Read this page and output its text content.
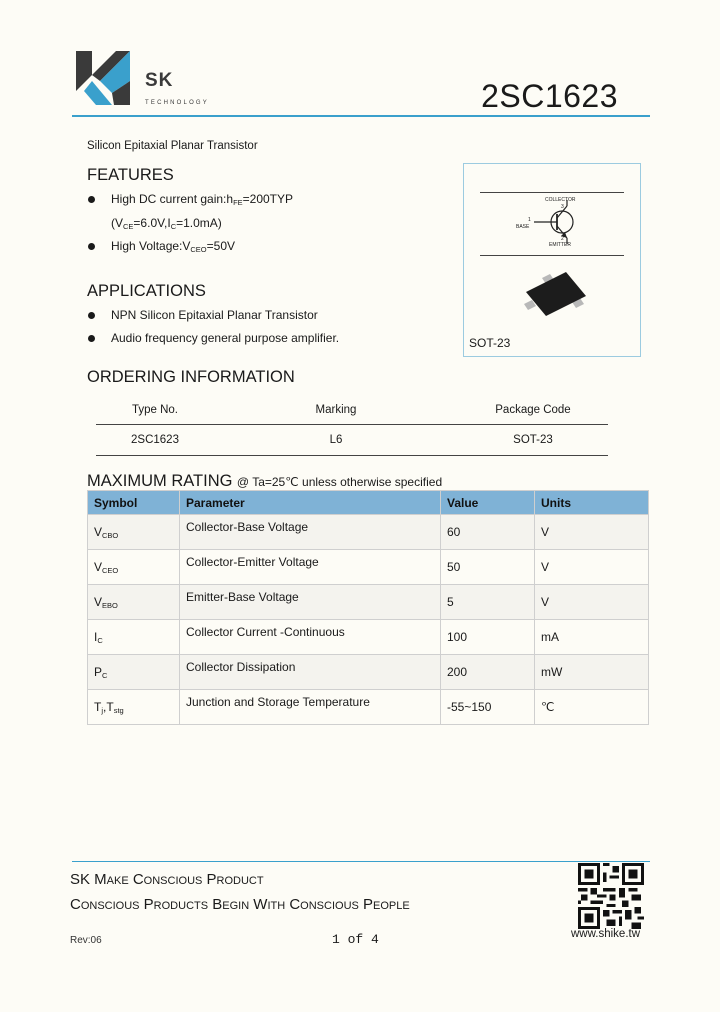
SK
TECHNOLOGY	2SC1623
Silicon Epitaxial Planar Transistor
FEATURES
High DC current $gain:h_{FE}=200TYP$
$(V_{CE}=6.0V,I_C=1.0mA)$
High $Voltage:V_{CEO}=50V$
APPLICATIONS
NPN Silicon Epitaxial Planar Transistor
Audio frequency general purpose amplifier.
COLLECTOR
3
1
BASE
2
EMITTER
SOT-23
ORDERING INFORMATION
Type No.	Marking	Package Code
2SC1623	L6	SOT-23
MAXIMUM RATING @ Ta=25℃ unless otherwise specified
Symbol	Parameter	Value	Units
$V_{CBO}$	Collector-Base Voltage	60	V
$V_{CEO}$	Collector-Emitter Voltage	50	V
$V_{EBO}$	Emitter-Base Voltage	5	V
$I_C$	Collector Current -Continuous	100	mA
$P_C$	Collector Dissipation	200	mW
$T_j,T_{stg}$	Junction and Storage Temperature	-55~150	℃
SK Make Conscious Product
Conscious Products Begin With Conscious People
Rev:06	1 of 4	www.shike.tw
